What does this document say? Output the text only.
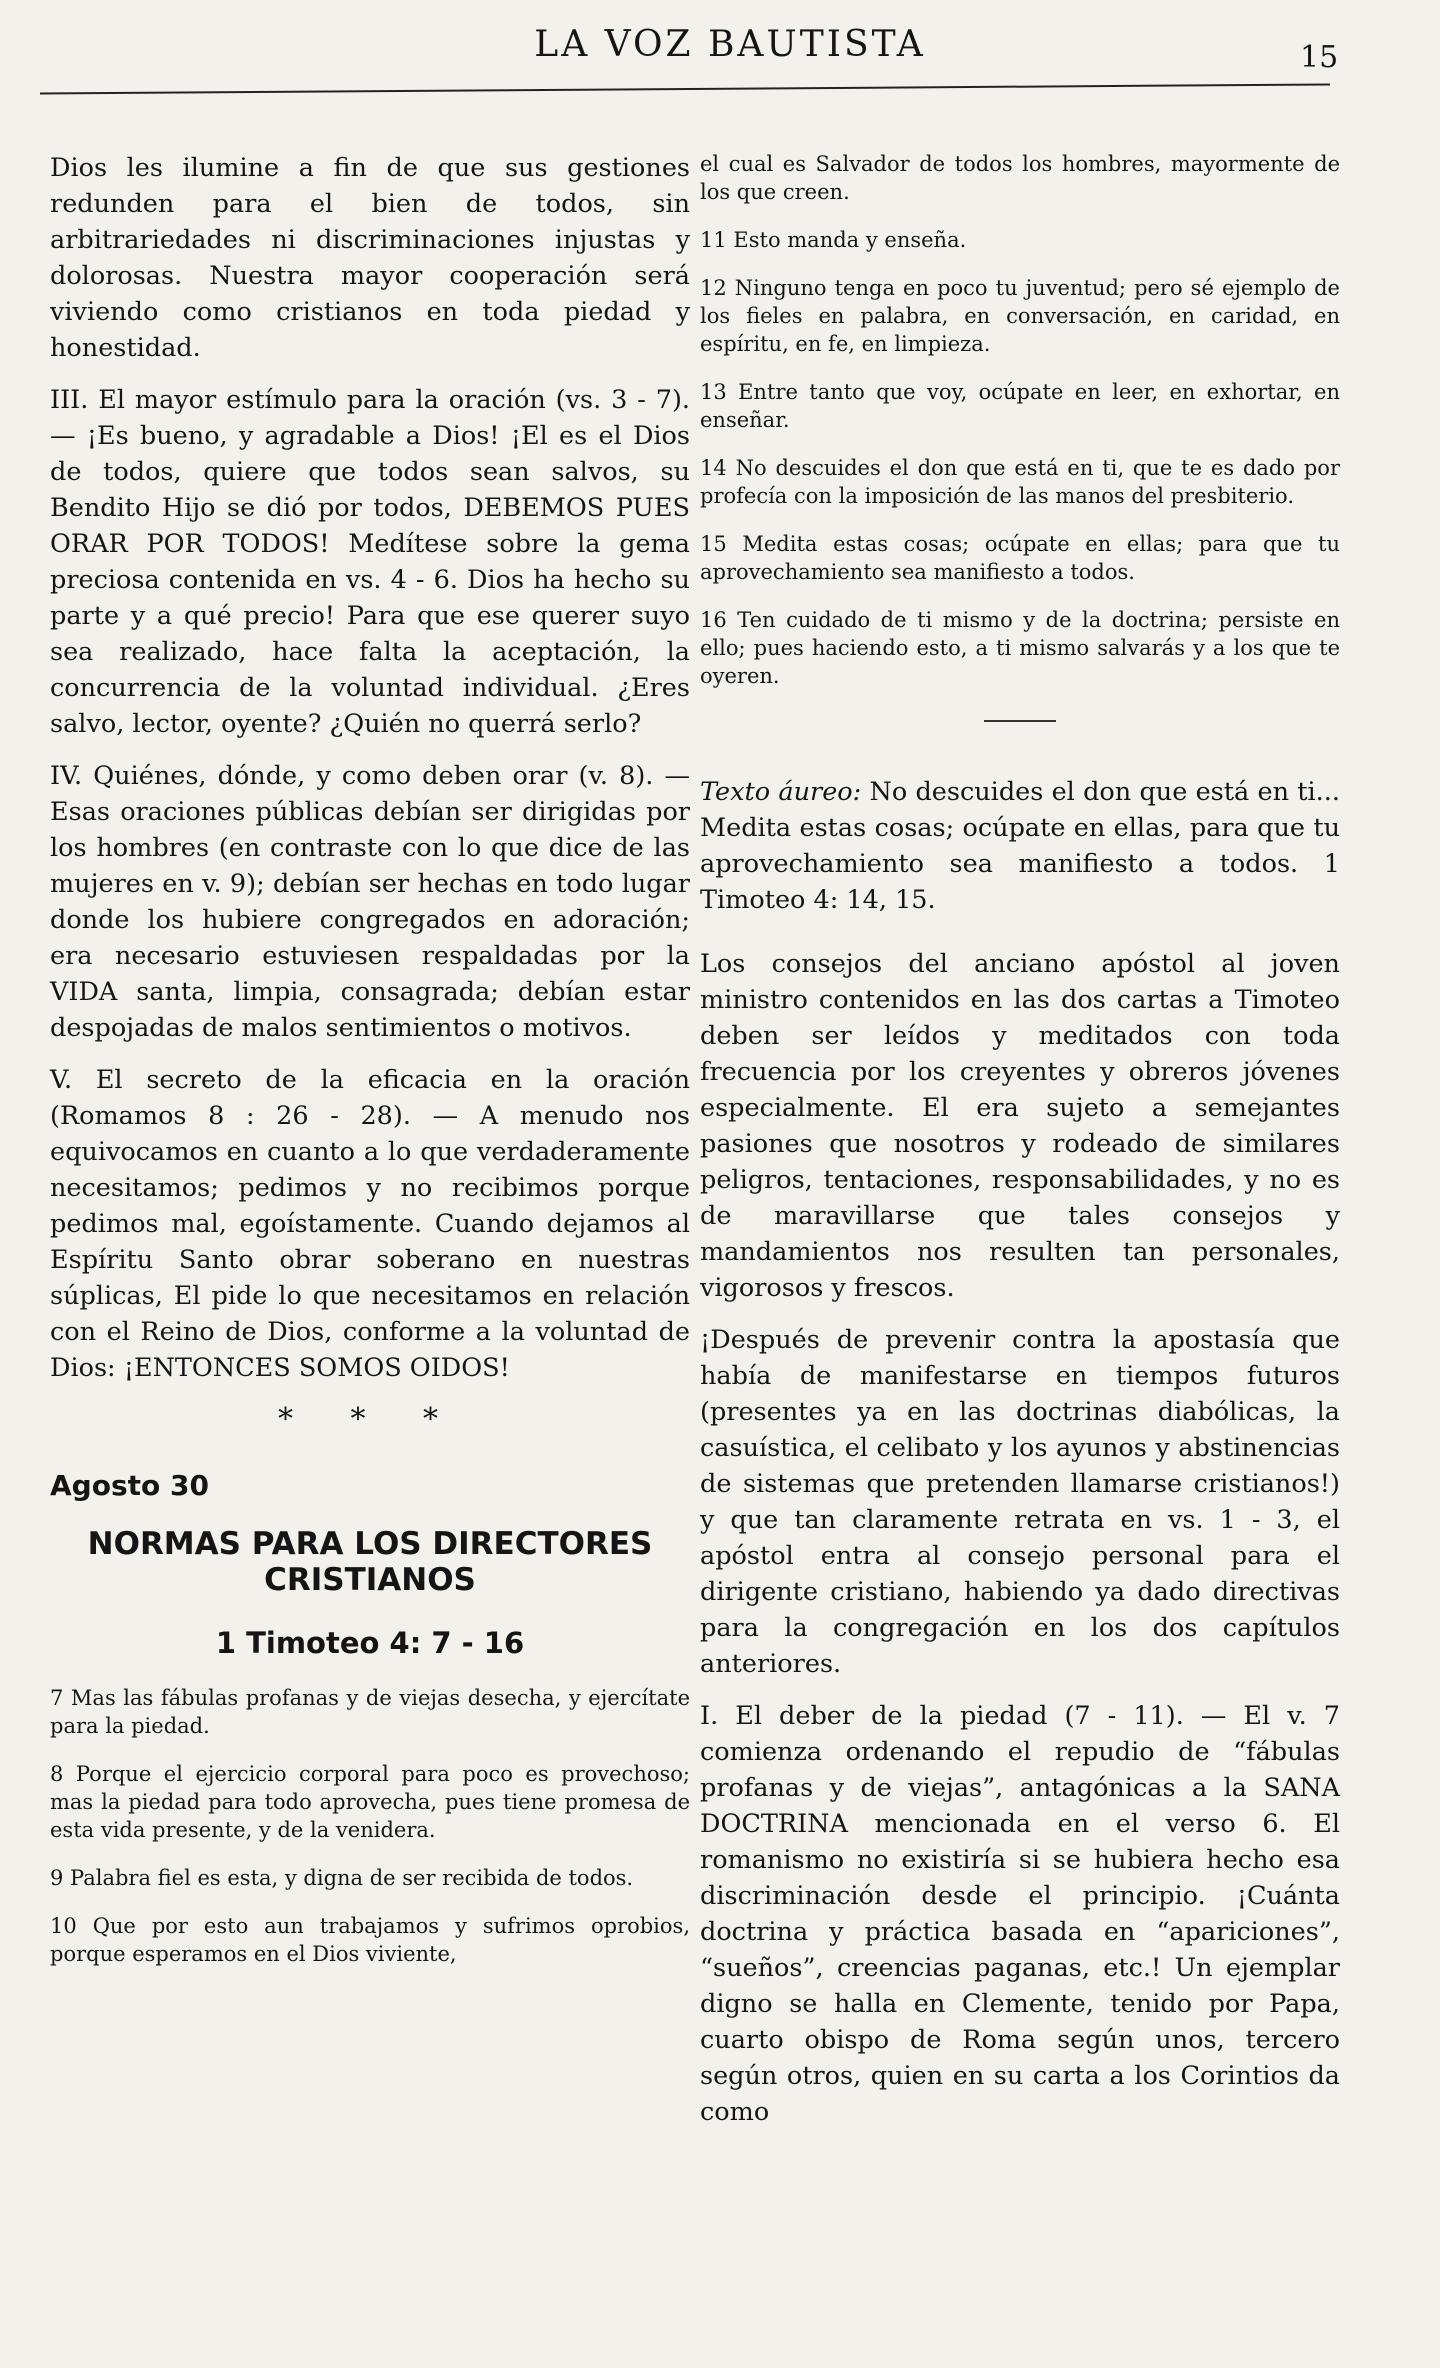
LA VOZ BAUTISTA	15

Dios les ilumine a fin de que sus gestiones redunden para el bien de todos, sin arbitrariedades ni discriminaciones injustas y dolorosas. Nuestra mayor cooperación será viviendo como cristianos en toda piedad y honestidad.

III. El mayor estímulo para la oración (vs. 3 - 7). — ¡Es bueno, y agradable a Dios! ¡El es el Dios de todos, quiere que todos sean salvos, su Bendito Hijo se dió por todos, DEBEMOS PUES ORAR POR TODOS! Medítese sobre la gema preciosa contenida en vs. 4 - 6. Dios ha hecho su parte y a qué precio! Para que ese querer suyo sea realizado, hace falta la aceptación, la concurrencia de la voluntad individual. ¿Eres salvo, lector, oyente? ¿Quién no querrá serlo?

IV. Quiénes, dónde, y como deben orar (v. 8). — Esas oraciones públicas debían ser dirigidas por los hombres (en contraste con lo que dice de las mujeres en v. 9); debían ser hechas en todo lugar donde los hubiere congregados en adoración; era necesario estuviesen respaldadas por la VIDA santa, limpia, consagrada; debían estar despojadas de malos sentimientos o motivos.

V. El secreto de la eficacia en la oración (Romamos 8 : 26 - 28). — A menudo nos equivocamos en cuanto a lo que verdaderamente necesitamos; pedimos y no recibimos porque pedimos mal, egoístamente. Cuando dejamos al Espíritu Santo obrar soberano en nuestras súplicas, El pide lo que necesitamos en relación con el Reino de Dios, conforme a la voluntad de Dios: ¡ENTONCES SOMOS OIDOS!

* * *
Agosto 30
NORMAS PARA LOS DIRECTORES CRISTIANOS
1 Timoteo 4: 7 - 16

7 Mas las fábulas profanas y de viejas desecha, y ejercítate para la piedad.

8 Porque el ejercicio corporal para poco es provechoso; mas la piedad para todo aprovecha, pues tiene promesa de esta vida presente, y de la venidera.

9 Palabra fiel es esta, y digna de ser recibida de todos.

10 Que por esto aun trabajamos y sufrimos oprobios, porque esperamos en el Dios viviente,

el cual es Salvador de todos los hombres, mayormente de los que creen.

11 Esto manda y enseña.

12 Ninguno tenga en poco tu juventud; pero sé ejemplo de los fieles en palabra, en conversación, en caridad, en espíritu, en fe, en limpieza.

13 Entre tanto que voy, ocúpate en leer, en exhortar, en enseñar.

14 No descuides el don que está en ti, que te es dado por profecía con la imposición de las manos del presbiterio.

15 Medita estas cosas; ocúpate en ellas; para que tu aprovechamiento sea manifiesto a todos.

16 Ten cuidado de ti mismo y de la doctrina; persiste en ello; pues haciendo esto, a ti mismo salvarás y a los que te oyeren.

Texto áureo: No descuides el don que está en ti... Medita estas cosas; ocúpate en ellas, para que tu aprovechamiento sea manifiesto a todos. 1 Timoteo 4: 14, 15.

Los consejos del anciano apóstol al joven ministro contenidos en las dos cartas a Timoteo deben ser leídos y meditados con toda frecuencia por los creyentes y obreros jóvenes especialmente. El era sujeto a semejantes pasiones que nosotros y rodeado de similares peligros, tentaciones, responsabilidades, y no es de maravillarse que tales consejos y mandamientos nos resulten tan personales, vigorosos y frescos.

¡Después de prevenir contra la apostasía que había de manifestarse en tiempos futuros (presentes ya en las doctrinas diabólicas, la casuística, el celibato y los ayunos y abstinencias de sistemas que pretenden llamarse cristianos!) y que tan claramente retrata en vs. 1 - 3, el apóstol entra al consejo personal para el dirigente cristiano, habiendo ya dado directivas para la congregación en los dos capítulos anteriores.

I. El deber de la piedad (7 - 11). — El v. 7 comienza ordenando el repudio de “fábulas profanas y de viejas”, antagónicas a la SANA DOCTRINA mencionada en el verso 6. El romanismo no existiría si se hubiera hecho esa discriminación desde el principio. ¡Cuánta doctrina y práctica basada en “apariciones”, “sueños”, creencias paganas, etc.! Un ejemplar digno se halla en Clemente, tenido por Papa, cuarto obispo de Roma según unos, tercero según otros, quien en su carta a los Corintios da como
